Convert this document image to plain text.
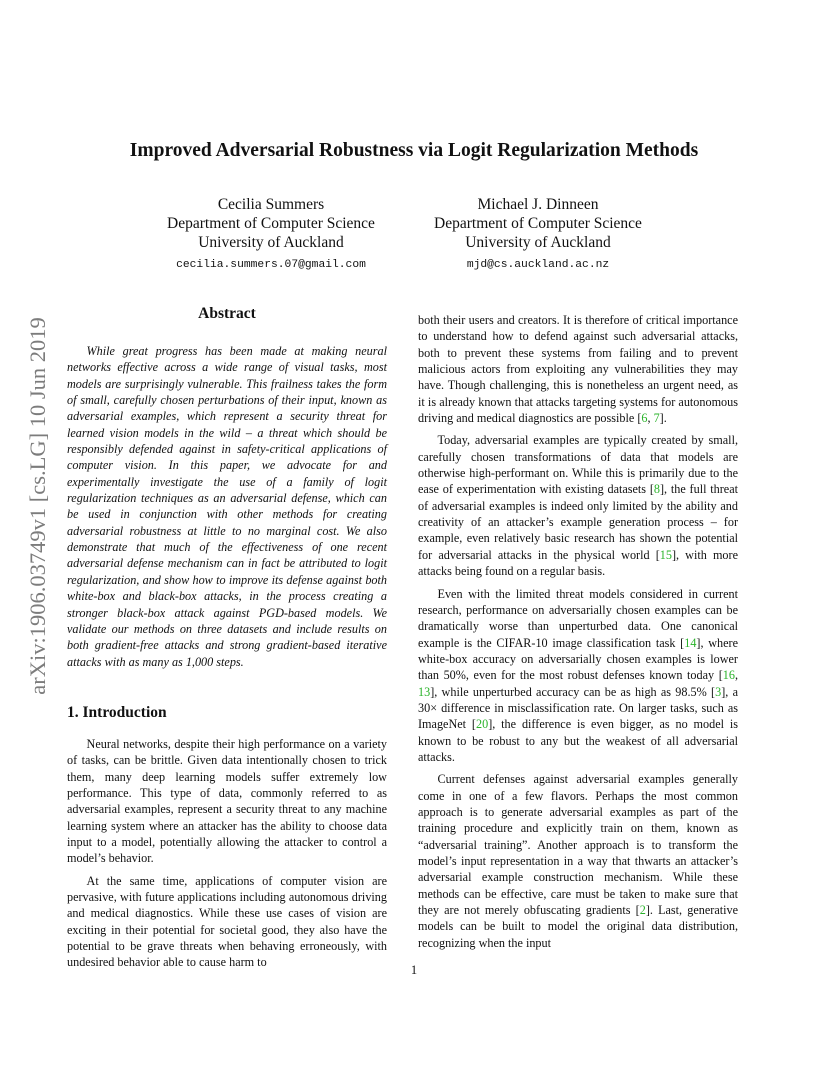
arXiv:1906.03749v1 [cs.LG] 10 Jun 2019
Improved Adversarial Robustness via Logit Regularization Methods
Cecilia Summers
Department of Computer Science
University of Auckland
cecilia.summers.07@gmail.com
Michael J. Dinneen
Department of Computer Science
University of Auckland
mjd@cs.auckland.ac.nz
Abstract

While great progress has been made at making neural networks effective across a wide range of visual tasks, most models are surprisingly vulnerable. This frailness takes the form of small, carefully chosen perturbations of their input, known as adversarial examples, which represent a security threat for learned vision models in the wild – a threat which should be responsibly defended against in safety-critical applications of computer vision. In this paper, we advocate for and experimentally investigate the use of a family of logit regularization techniques as an adversarial defense, which can be used in conjunction with other methods for creating adversarial robustness at little to no marginal cost. We also demonstrate that much of the effectiveness of one recent adversarial defense mechanism can in fact be attributed to logit regularization, and show how to improve its defense against both white-box and black-box attacks, in the process creating a stronger black-box attack against PGD-based models. We validate our methods on three datasets and include results on both gradient-free attacks and strong gradient-based iterative attacks with as many as 1,000 steps.

1. Introduction

Neural networks, despite their high performance on a variety of tasks, can be brittle. Given data intentionally chosen to trick them, many deep learning models suffer extremely low performance. This type of data, commonly referred to as adversarial examples, represent a security threat to any machine learning system where an attacker has the ability to choose data input to a model, potentially allowing the attacker to control a model’s behavior.

At the same time, applications of computer vision are pervasive, with future applications including autonomous driving and medical diagnostics. While these use cases of vision are exciting in their potential for societal good, they also have the potential to be grave threats when behaving erroneously, with undesired behavior able to cause harm to

both their users and creators. It is therefore of critical importance to understand how to defend against such adversarial attacks, both to prevent these systems from failing and to prevent malicious actors from exploiting any vulnerabilities they may have. Though challenging, this is nonetheless an urgent need, as it is already known that attacks targeting systems for autonomous driving and medical diagnostics are possible [6, 7].

Today, adversarial examples are typically created by small, carefully chosen transformations of data that models are otherwise high-performant on. While this is primarily due to the ease of experimentation with existing datasets [8], the full threat of adversarial examples is indeed only limited by the ability and creativity of an attacker’s example generation process – for example, even relatively basic research has shown the potential for adversarial attacks in the physical world [15], with more attacks being found on a regular basis.

Even with the limited threat models considered in current research, performance on adversarially chosen examples can be dramatically worse than unperturbed data. One canonical example is the CIFAR-10 image classification task [14], where white-box accuracy on adversarially chosen examples is lower than 50%, even for the most robust defenses known today [16, 13], while unperturbed accuracy can be as high as 98.5% [3], a 30× difference in misclassification rate. On larger tasks, such as ImageNet [20], the difference is even bigger, as no model is known to be robust to any but the weakest of all adversarial attacks.

Current defenses against adversarial examples generally come in one of a few flavors. Perhaps the most common approach is to generate adversarial examples as part of the training procedure and explicitly train on them, known as “adversarial training”. Another approach is to transform the model’s input representation in a way that thwarts an attacker’s adversarial example construction mechanism. While these methods can be effective, care must be taken to make sure that they are not merely obfuscating gradients [2]. Last, generative models can be built to model the original data distribution, recognizing when the input

1
